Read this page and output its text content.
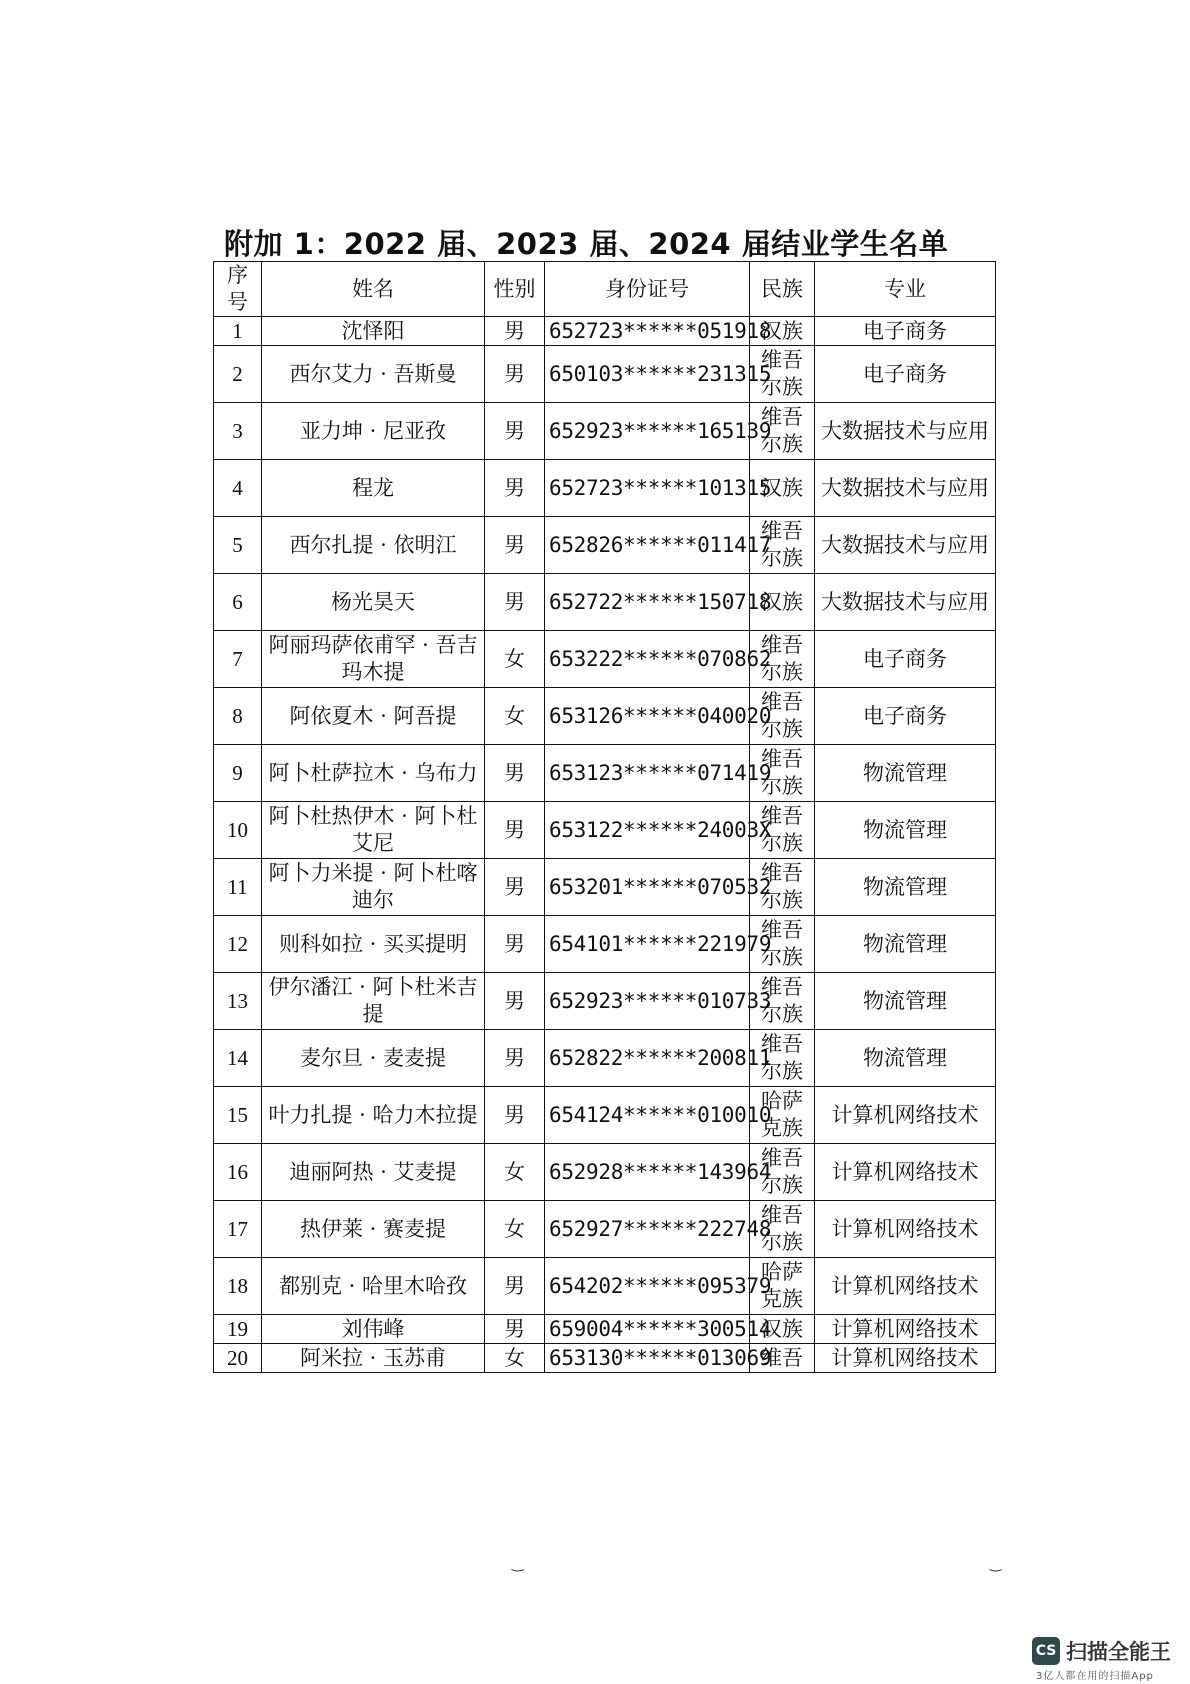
附加 1：2022 届、2023 届、2024 届结业学生名单
序号	姓名	性别	身份证号	民族	专业
1	沈怿阳	男	652723******051918	汉族	电子商务
2	西尔艾力 · 吾斯曼	男	650103******231315	维吾尔族	电子商务
3	亚力坤 · 尼亚孜	男	652923******165139	维吾尔族	大数据技术与应用
4	程龙	男	652723******101315	汉族	大数据技术与应用
5	西尔扎提 · 依明江	男	652826******011417	维吾尔族	大数据技术与应用
6	杨光昊天	男	652722******150718	汉族	大数据技术与应用
7	阿丽玛萨依甫罕 · 吾吉玛木提	女	653222******070862	维吾尔族	电子商务
8	阿依夏木 · 阿吾提	女	653126******040020	维吾尔族	电子商务
9	阿卜杜萨拉木 · 乌布力	男	653123******071419	维吾尔族	物流管理
10	阿卜杜热伊木 · 阿卜杜艾尼	男	653122******24003X	维吾尔族	物流管理
11	阿卜力米提 · 阿卜杜喀迪尔	男	653201******070532	维吾尔族	物流管理
12	则科如拉 · 买买提明	男	654101******221979	维吾尔族	物流管理
13	伊尔潘江 · 阿卜杜米吉提	男	652923******010733	维吾尔族	物流管理
14	麦尔旦 · 麦麦提	男	652822******200811	维吾尔族	物流管理
15	叶力扎提 · 哈力木拉提	男	654124******010010	哈萨克族	计算机网络技术
16	迪丽阿热 · 艾麦提	女	652928******143964	维吾尔族	计算机网络技术
17	热伊莱 · 赛麦提	女	652927******222748	维吾尔族	计算机网络技术
18	都别克 · 哈里木哈孜	男	654202******095379	哈萨克族	计算机网络技术
19	刘伟峰	男	659004******300514	汉族	计算机网络技术
20	阿米拉 · 玉苏甫	女	653130******013069	维吾	计算机网络技术
‿	‿
CS 扫描全能王
3亿人都在用的扫描App
